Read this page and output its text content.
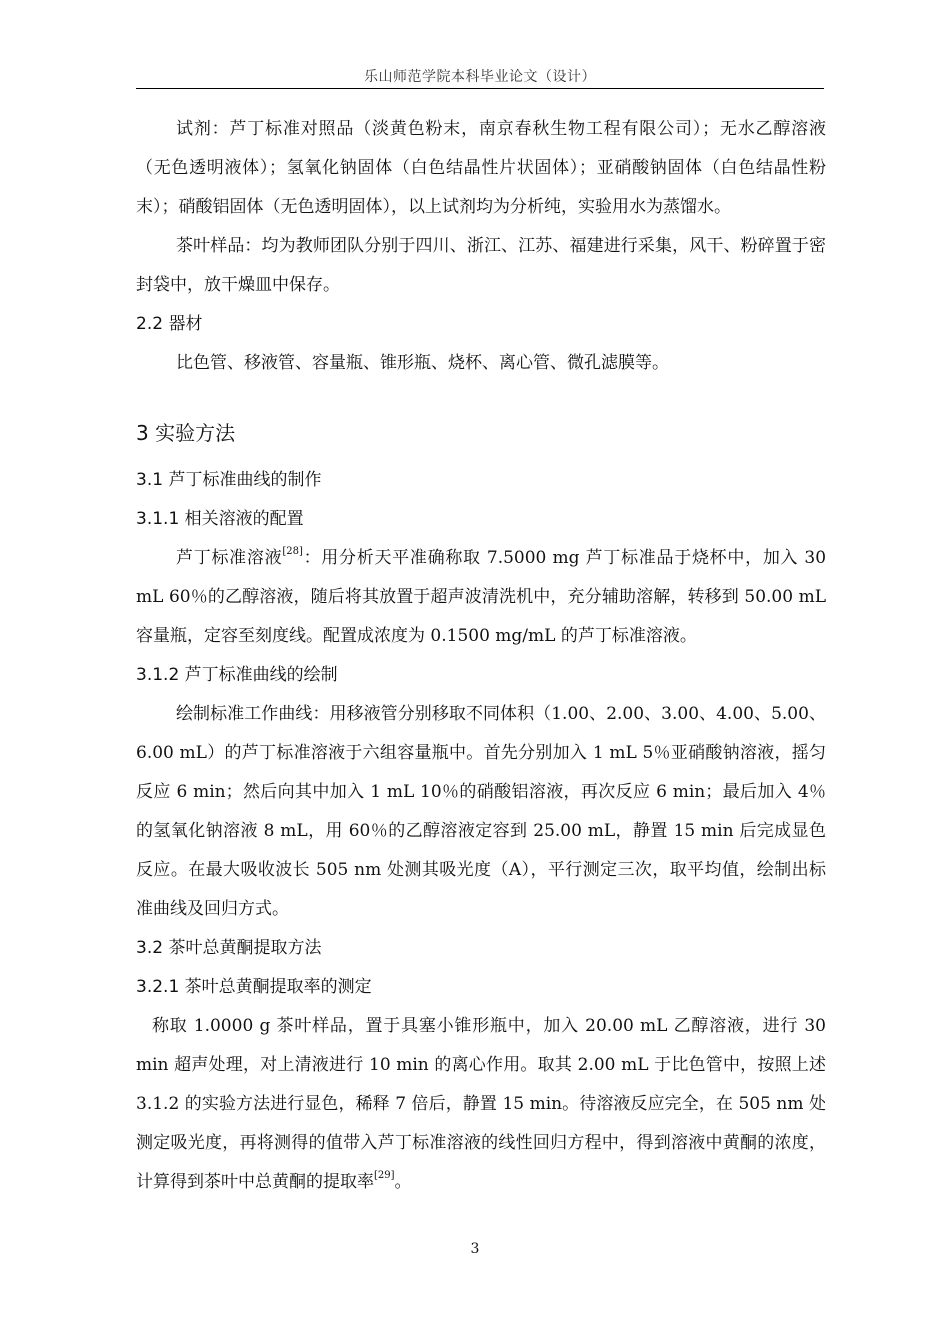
乐山师范学院本科毕业论文（设计）

试剂：芦丁标准对照品（淡黄色粉末，南京春秋生物工程有限公司）；无水乙醇溶液（无色透明液体）；氢氧化钠固体（白色结晶性片状固体）；亚硝酸钠固体（白色结晶性粉末）；硝酸铝固体（无色透明固体），以上试剂均为分析纯，实验用水为蒸馏水。

茶叶样品：均为教师团队分别于四川、浙江、江苏、福建进行采集，风干、粉碎置于密封袋中，放干燥皿中保存。

2.2 器材

比色管、移液管、容量瓶、锥形瓶、烧杯、离心管、微孔滤膜等。

3 实验方法

3.1 芦丁标准曲线的制作

3.1.1 相关溶液的配置

芦丁标准溶液[28]：用分析天平准确称取 7.5000 mg 芦丁标准品于烧杯中，加入 30 mL 60％的乙醇溶液，随后将其放置于超声波清洗机中，充分辅助溶解，转移到 50.00 mL 容量瓶，定容至刻度线。配置成浓度为 0.1500 mg/mL 的芦丁标准溶液。

3.1.2 芦丁标准曲线的绘制

绘制标准工作曲线：用移液管分别移取不同体积（1.00、2.00、3.00、4.00、5.00、6.00 mL）的芦丁标准溶液于六组容量瓶中。首先分别加入 1 mL 5％亚硝酸钠溶液，摇匀反应 6 min；然后向其中加入 1 mL 10％的硝酸铝溶液，再次反应 6 min；最后加入 4％的氢氧化钠溶液 8 mL，用 60％的乙醇溶液定容到 25.00 mL，静置 15 min 后完成显色反应。在最大吸收波长 505 nm 处测其吸光度（A），平行测定三次，取平均值，绘制出标准曲线及回归方式。

3.2 茶叶总黄酮提取方法

3.2.1 茶叶总黄酮提取率的测定

称取 1.0000 g 茶叶样品，置于具塞小锥形瓶中，加入 20.00 mL 乙醇溶液，进行 30 min 超声处理，对上清液进行 10 min 的离心作用。取其 2.00 mL 于比色管中，按照上述 3.1.2 的实验方法进行显色，稀释 7 倍后，静置 15 min。待溶液反应完全，在 505 nm 处测定吸光度，再将测得的值带入芦丁标准溶液的线性回归方程中，得到溶液中黄酮的浓度，计算得到茶叶中总黄酮的提取率[29]。

3
